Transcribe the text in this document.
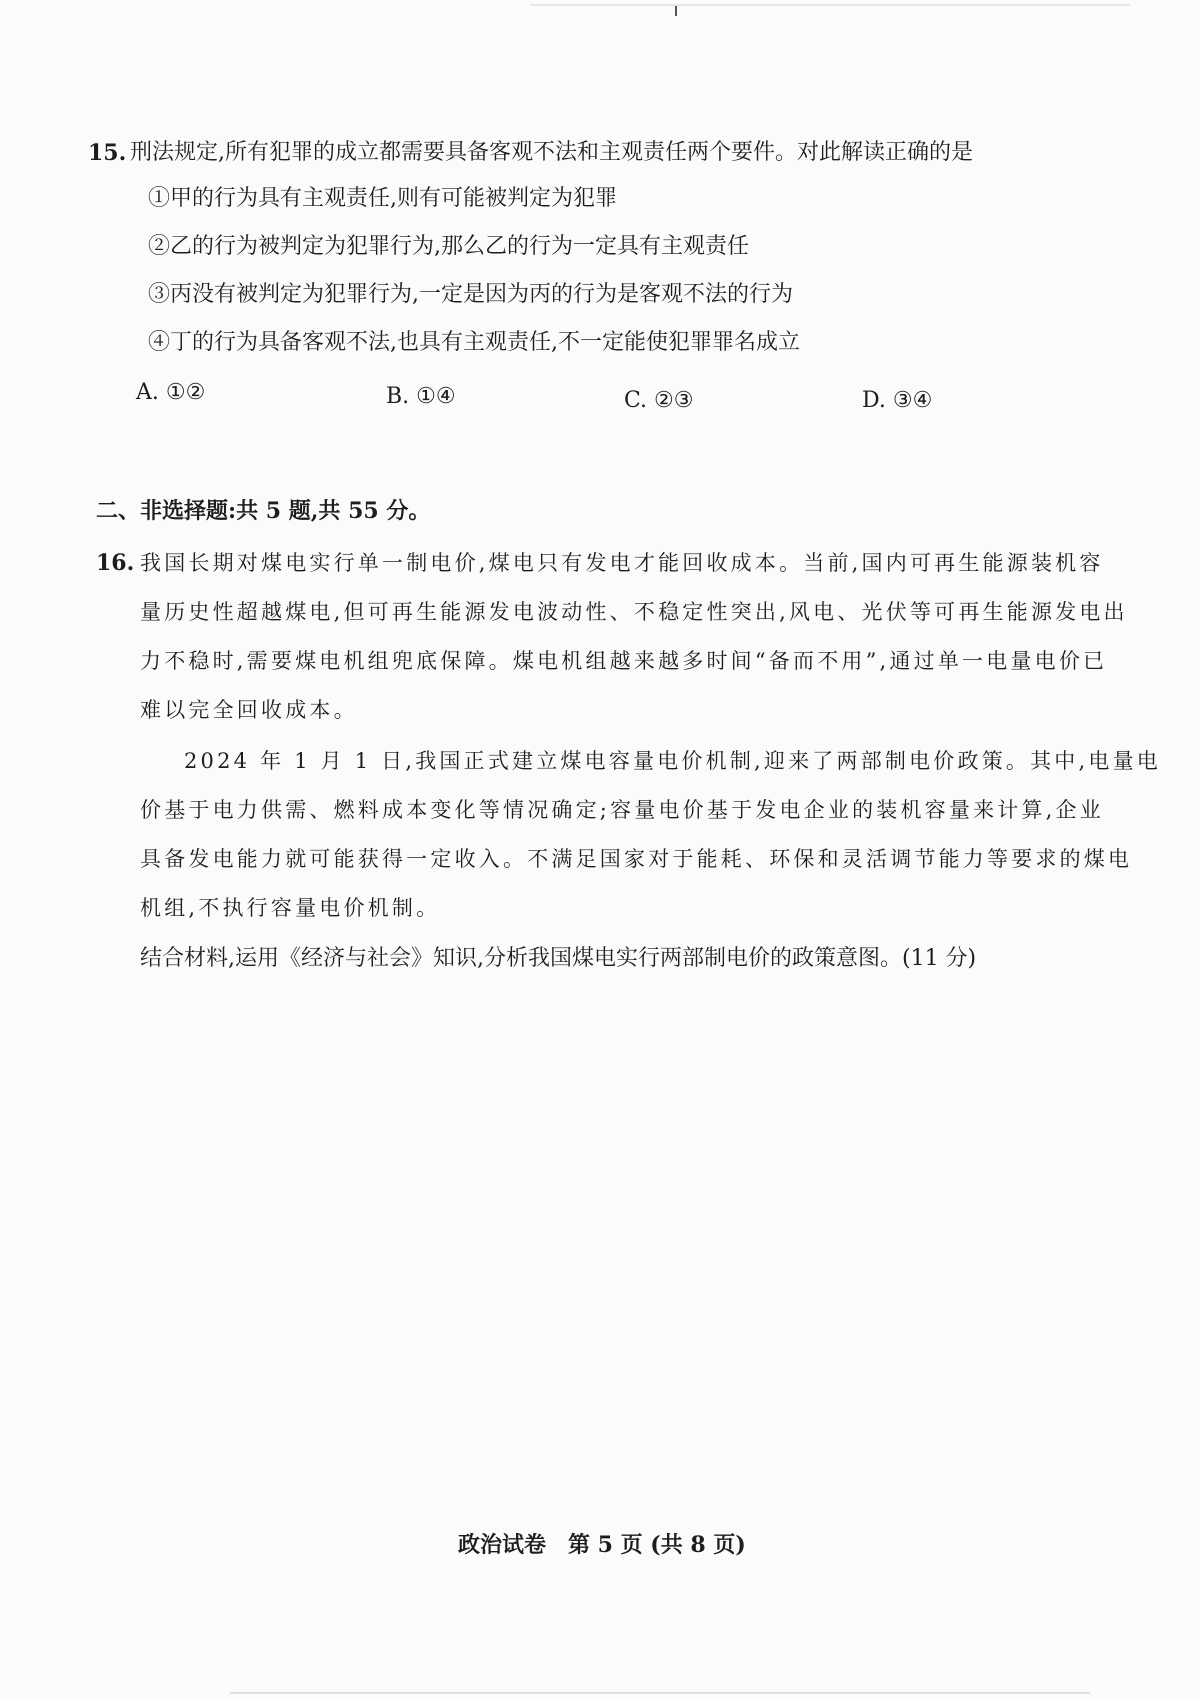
15. 刑法规定,所有犯罪的成立都需要具备客观不法和主观责任两个要件。对此解读正确的是
①甲的行为具有主观责任,则有可能被判定为犯罪
②乙的行为被判定为犯罪行为,那么乙的行为一定具有主观责任
③丙没有被判定为犯罪行为,一定是因为丙的行为是客观不法的行为
④丁的行为具备客观不法,也具有主观责任,不一定能使犯罪罪名成立
A. ①②	B. ①④	C. ②③	D. ③④
二、非选择题:共 5 题,共 55 分。
16. 我国长期对煤电实行单一制电价,煤电只有发电才能回收成本。当前,国内可再生能源装机容
量历史性超越煤电,但可再生能源发电波动性、不稳定性突出,风电、光伏等可再生能源发电出
力不稳时,需要煤电机组兜底保障。煤电机组越来越多时间“备而不用”,通过单一电量电价已
难以完全回收成本。
2024 年 1 月 1 日,我国正式建立煤电容量电价机制,迎来了两部制电价政策。其中,电量电
价基于电力供需、燃料成本变化等情况确定;容量电价基于发电企业的装机容量来计算,企业
具备发电能力就可能获得一定收入。不满足国家对于能耗、环保和灵活调节能力等要求的煤电
机组,不执行容量电价机制。
结合材料,运用《经济与社会》知识,分析我国煤电实行两部制电价的政策意图。(11 分)
政治试卷　第 5 页 (共 8 页)
